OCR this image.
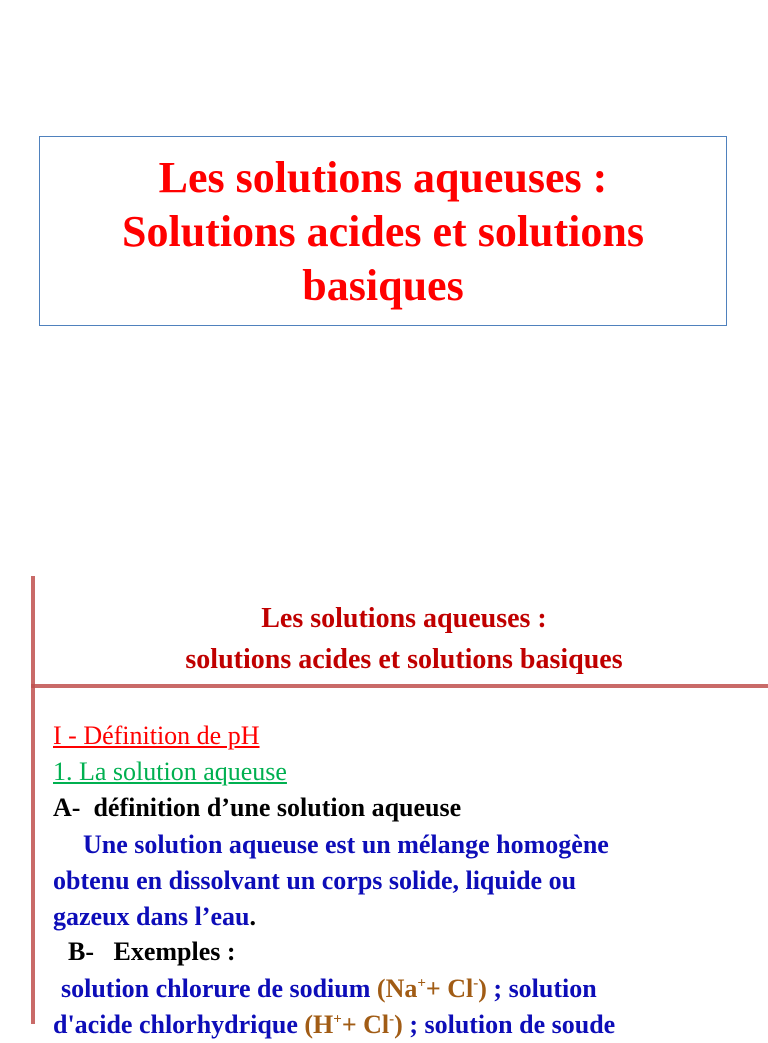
Les solutions aqueuses :
Solutions acides et solutions
basiques
Les solutions aqueuses :
solutions acides et solutions basiques
I - Définition de pH
1. La solution aqueuse
A- définition d’une solution aqueuse
Une solution aqueuse est un mélange homogène
obtenu en dissolvant un corps solide, liquide ou
gazeux dans l’eau.
B- Exemples :
solution chlorure de sodium (Na++ Cl-) ; solution
d'acide chlorhydrique (H++ Cl-) ; solution de soude
